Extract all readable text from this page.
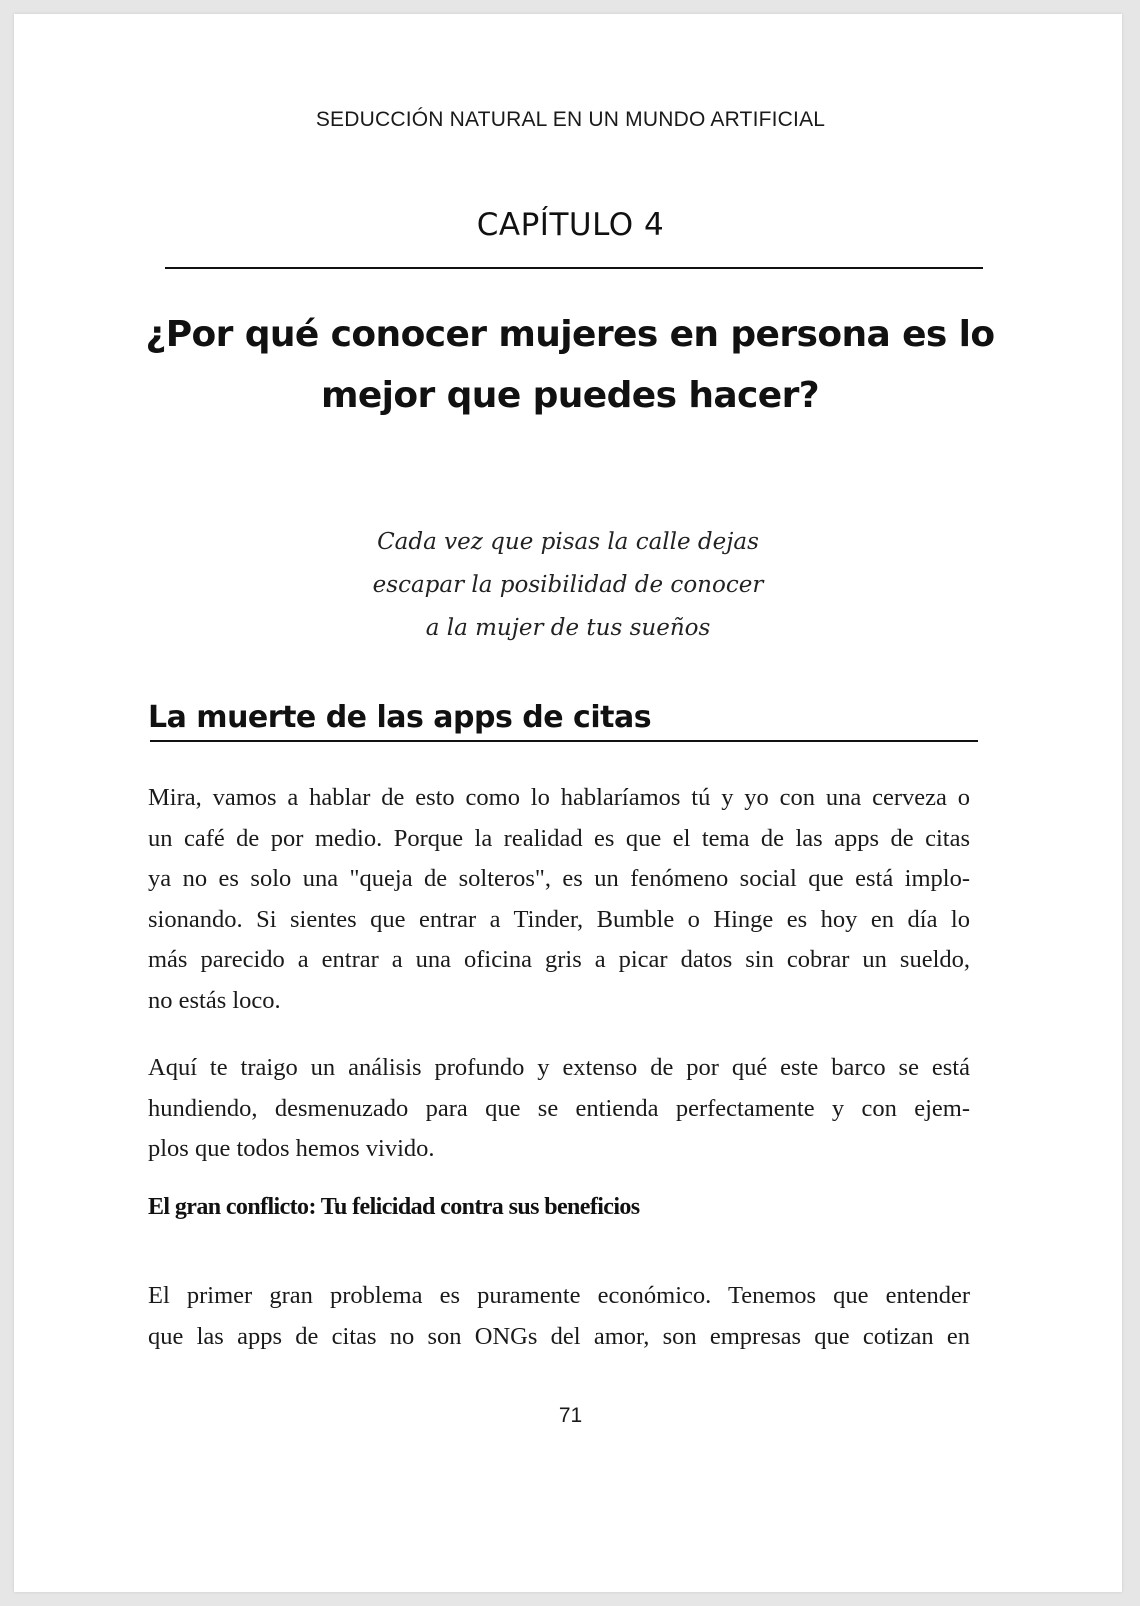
SEDUCCIÓN NATURAL EN UN MUNDO ARTIFICIAL
CAPÍTULO 4
¿Por qué conocer mujeres en persona es lo
mejor que puedes hacer?

Cada vez que pisas la calle dejas
escapar la posibilidad de conocer
a la mujer de tus sueños

La muerte de las apps de citas

Mira, vamos a hablar de esto como lo hablaríamos tú y yo con una cerveza o
un café de por medio. Porque la realidad es que el tema de las apps de citas
ya no es solo una "queja de solteros", es un fenómeno social que está implo-
sionando. Si sientes que entrar a Tinder, Bumble o Hinge es hoy en día lo
más parecido a entrar a una oficina gris a picar datos sin cobrar un sueldo,
no estás loco.

Aquí te traigo un análisis profundo y extenso de por qué este barco se está
hundiendo, desmenuzado para que se entienda perfectamente y con ejem-
plos que todos hemos vivido.

El gran conflicto: Tu felicidad contra sus beneficios

El primer gran problema es puramente económico. Tenemos que entender
que las apps de citas no son ONGs del amor, son empresas que cotizan en

71
